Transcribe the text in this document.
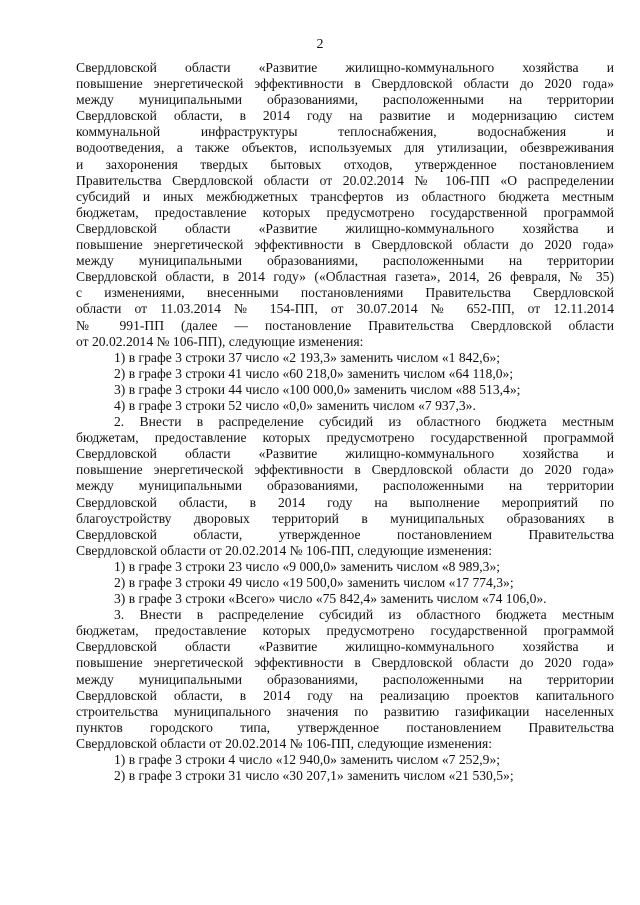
2
Свердловской области «Развитие жилищно-коммунального хозяйства и
повышение энергетической эффективности в Свердловской области до 2020 года»
между муниципальными образованиями, расположенными на территории
Свердловской области, в 2014 году на развитие и модернизацию систем
коммунальной инфраструктуры теплоснабжения, водоснабжения и
водоотведения, а также объектов, используемых для утилизации, обезвреживания
и захоронения твердых бытовых отходов, утвержденное постановлением
Правительства Свердловской области от 20.02.2014 № 106-ПП «О распределении
субсидий и иных межбюджетных трансфертов из областного бюджета местным
бюджетам, предоставление которых предусмотрено государственной программой
Свердловской области «Развитие жилищно-коммунального хозяйства и
повышение энергетической эффективности в Свердловской области до 2020 года»
между муниципальными образованиями, расположенными на территории
Свердловской области, в 2014 году» («Областная газета», 2014, 26 февраля, № 35)
с изменениями, внесенными постановлениями Правительства Свердловской
области от 11.03.2014 № 154-ПП, от 30.07.2014 № 652-ПП, от 12.11.2014
№ 991-ПП (далее — постановление Правительства Свердловской области
от 20.02.2014 № 106-ПП), следующие изменения:
1) в графе 3 строки 37 число «2 193,3» заменить числом «1 842,6»;
2) в графе 3 строки 41 число «60 218,0» заменить числом «64 118,0»;
3) в графе 3 строки 44 число «100 000,0» заменить числом «88 513,4»;
4) в графе 3 строки 52 число «0,0» заменить числом «7 937,3».
2. Внести в распределение субсидий из областного бюджета местным
бюджетам, предоставление которых предусмотрено государственной программой
Свердловской области «Развитие жилищно-коммунального хозяйства и
повышение энергетической эффективности в Свердловской области до 2020 года»
между муниципальными образованиями, расположенными на территории
Свердловской области, в 2014 году на выполнение мероприятий по
благоустройству дворовых территорий в муниципальных образованиях в
Свердловской области, утвержденное постановлением Правительства
Свердловской области от 20.02.2014 № 106-ПП, следующие изменения:
1) в графе 3 строки 23 число «9 000,0» заменить числом «8 989,3»;
2) в графе 3 строки 49 число «19 500,0» заменить числом «17 774,3»;
3) в графе 3 строки «Всего» число «75 842,4» заменить числом «74 106,0».
3. Внести в распределение субсидий из областного бюджета местным
бюджетам, предоставление которых предусмотрено государственной программой
Свердловской области «Развитие жилищно-коммунального хозяйства и
повышение энергетической эффективности в Свердловской области до 2020 года»
между муниципальными образованиями, расположенными на территории
Свердловской области, в 2014 году на реализацию проектов капитального
строительства муниципального значения по развитию газификации населенных
пунктов городского типа, утвержденное постановлением Правительства
Свердловской области от 20.02.2014 № 106-ПП, следующие изменения:
1) в графе 3 строки 4 число «12 940,0» заменить числом «7 252,9»;
2) в графе 3 строки 31 число «30 207,1» заменить числом «21 530,5»;
